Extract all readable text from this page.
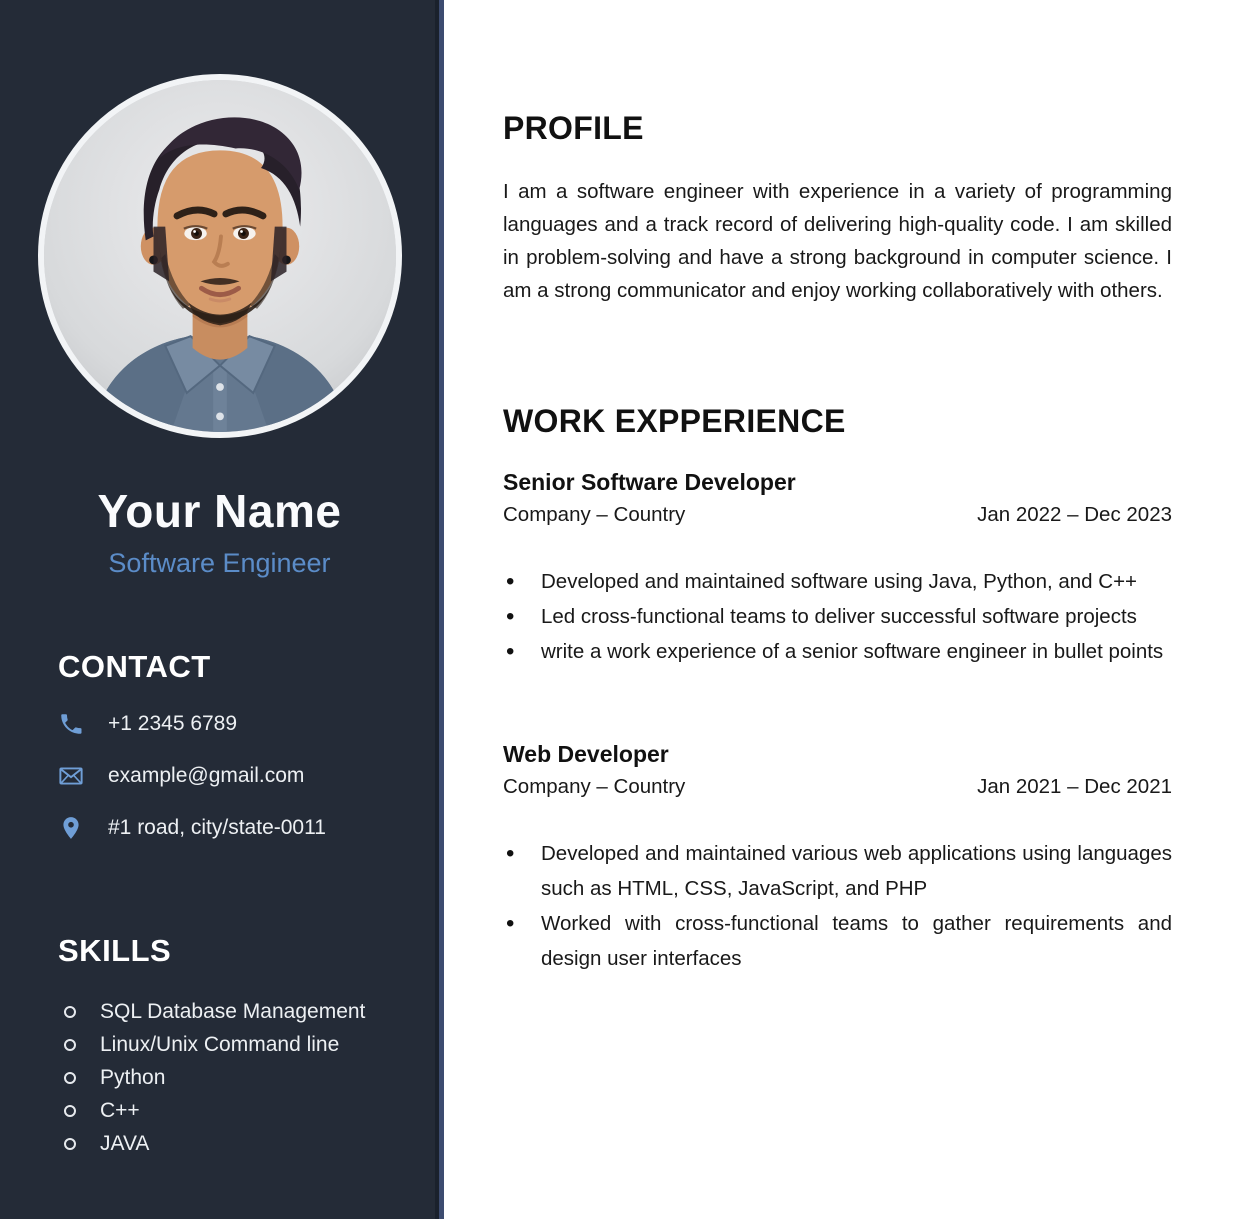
Your Name
Software Engineer
CONTACT
+1 2345 6789
example@gmail.com
#1 road, city/state-0011
SKILLS
SQL Database Management
Linux/Unix Command line
Python
C++
JAVA
PROFILE

I am a software engineer with experience in a variety of programming languages and a track record of delivering high-quality code. I am skilled in problem-solving and have a strong background in computer science. I am a strong communicator and enjoy working collaboratively with others.

WORK EXPPERIENCE
Senior Software Developer
Company – Country	Jan 2022 – Dec 2023
• Developed and maintained software using Java, Python, and C++
• Led cross-functional teams to deliver successful software projects
• write a work experience of a senior software engineer in bullet points
Web Developer
Company – Country	Jan 2021 – Dec 2021
• Developed and maintained various web applications using languages such as HTML, CSS, JavaScript, and PHP
• Worked with cross-functional teams to gather requirements and design user interfaces
